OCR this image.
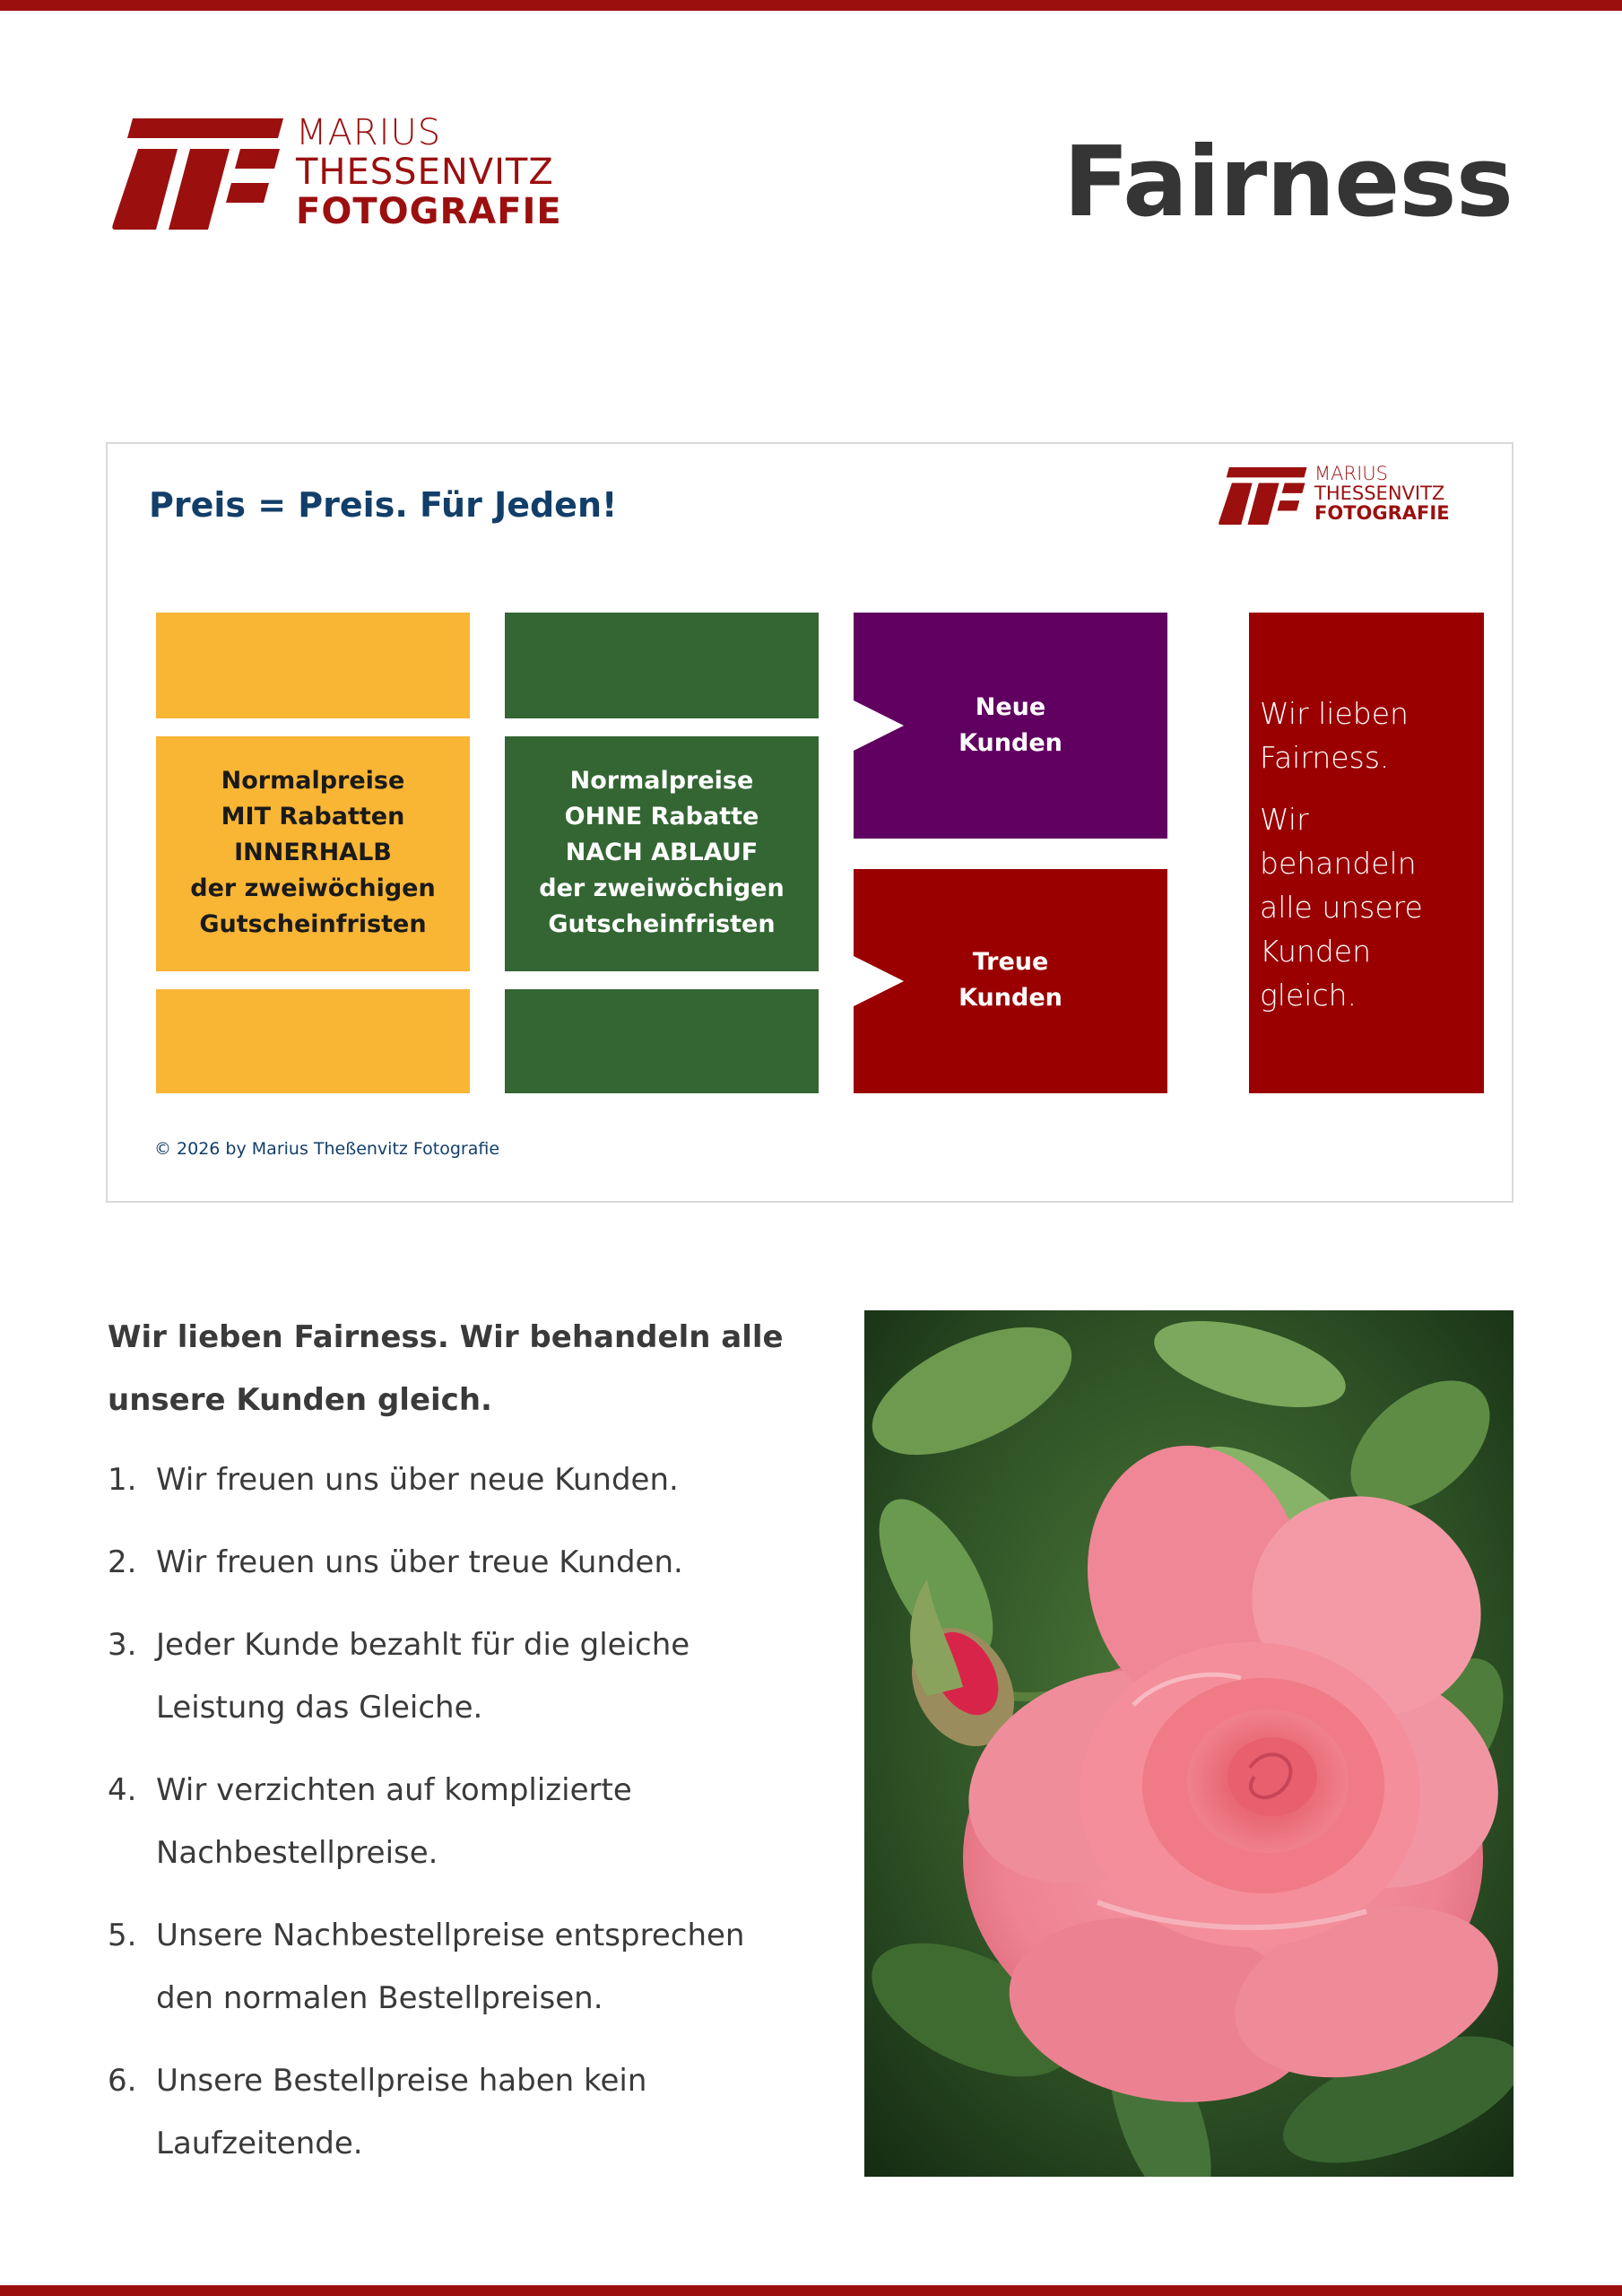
MARIUS
THESSENVITZ
FOTOGRAFIE	Fairness
Preis = Preis. Für Jeden!
MARIUS
THESSENVITZ
FOTOGRAFIE
Normalpreise
MIT Rabatten
INNERHALB
der zweiwöchigen
Gutscheinfristen
Normalpreise
OHNE Rabatte
NACH ABLAUF
der zweiwöchigen
Gutscheinfristen
Neue
Kunden
Treue
Kunden
Wir lieben
Fairness.
Wir
behandeln
alle unsere
Kunden
gleich.
© 2026 by Marius Theßenvitz Fotografie
Wir lieben Fairness. Wir behandeln alle unsere Kunden gleich.
1. Wir freuen uns über neue Kunden.
2. Wir freuen uns über treue Kunden.
3. Jeder Kunde bezahlt für die gleiche
Leistung das Gleiche.
4. Wir verzichten auf komplizierte
Nachbestellpreise.
5. Unsere Nachbestellpreise entsprechen
den normalen Bestellpreisen.
6. Unsere Bestellpreise haben kein
Laufzeitende.
